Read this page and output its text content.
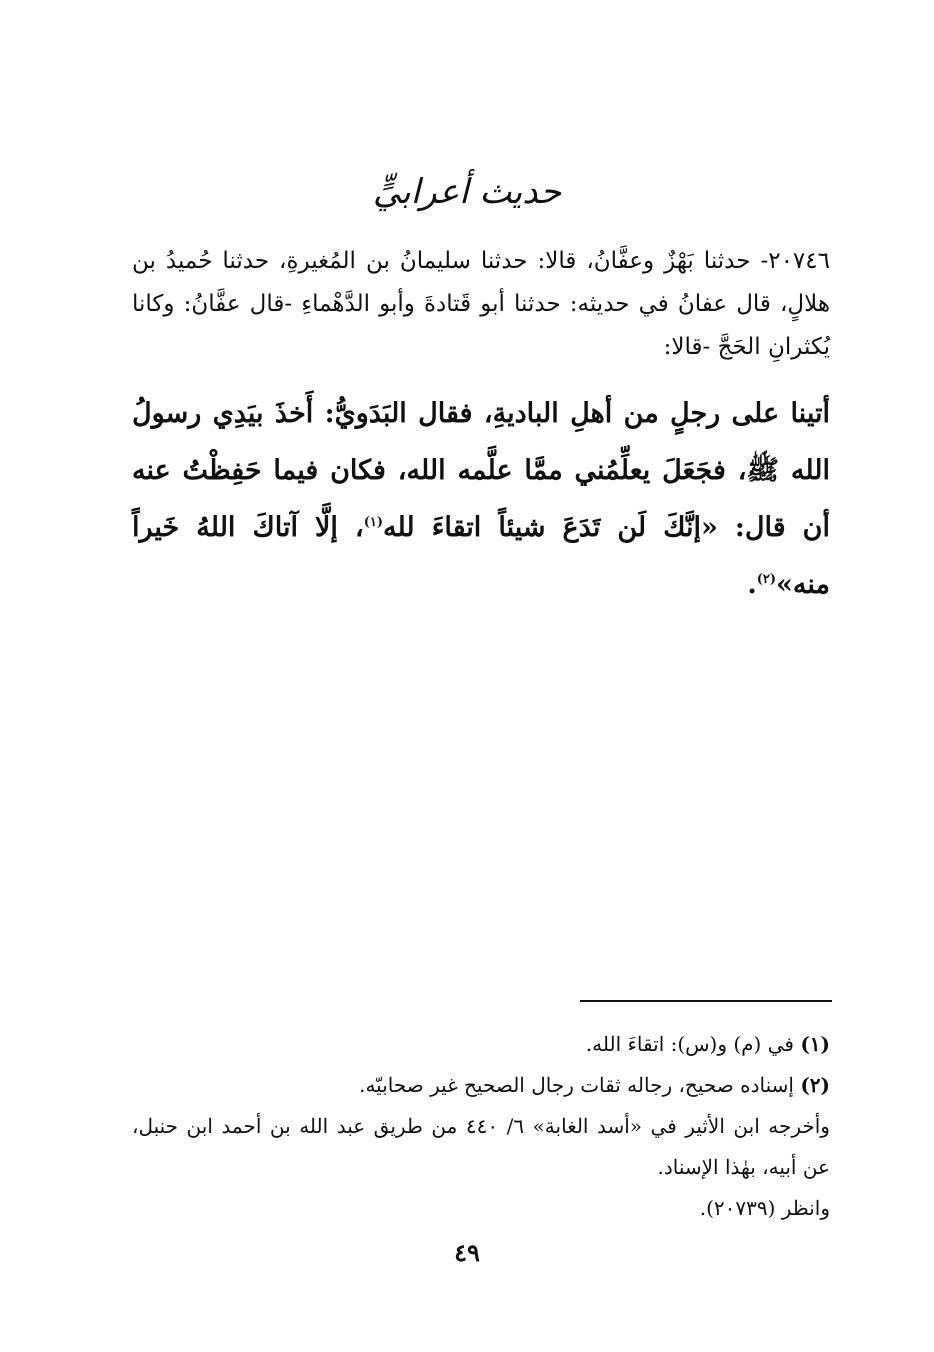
حديث أعرابيٍّ

٢٠٧٤٦- حدثنا بَهْزٌ وعفَّانُ، قالا: حدثنا سليمانُ بن المُغيرةِ، حدثنا حُميدُ بن هلالٍ، قال عفانُ في حديثه: حدثنا أبو قَتادةَ وأبو الدَّهْماءِ -قال عفَّانُ: وكانا يُكثرانِ الحَجَّ -قالا:

أتينا على رجلٍ من أهلِ الباديةِ، فقال البَدَويُّ: أَخذَ بيَدِي رسولُ الله ﷺ، فجَعَلَ يعلِّمُني ممَّا علَّمه الله، فكان فيما حَفِظْتُ عنه أن قال: «إنَّكَ لَن تَدَعَ شيئاً اتقاءَ لله$^{(١)}$، إلَّا آتاكَ اللهُ خَيراً منه»$^{(٢)}$.

(١) في (م) و(س): اتقاءَ الله.

(٢) إسناده صحيح، رجاله ثقات رجال الصحيح غير صحابيّه.

وأخرجه ابن الأثير في «أسد الغابة» ٦/ ٤٤٠ من طريق عبد الله بن أحمد ابن حنبل، عن أبيه، بهٰذا الإسناد.

وانظر (٢٠٧٣٩).

٤٩
